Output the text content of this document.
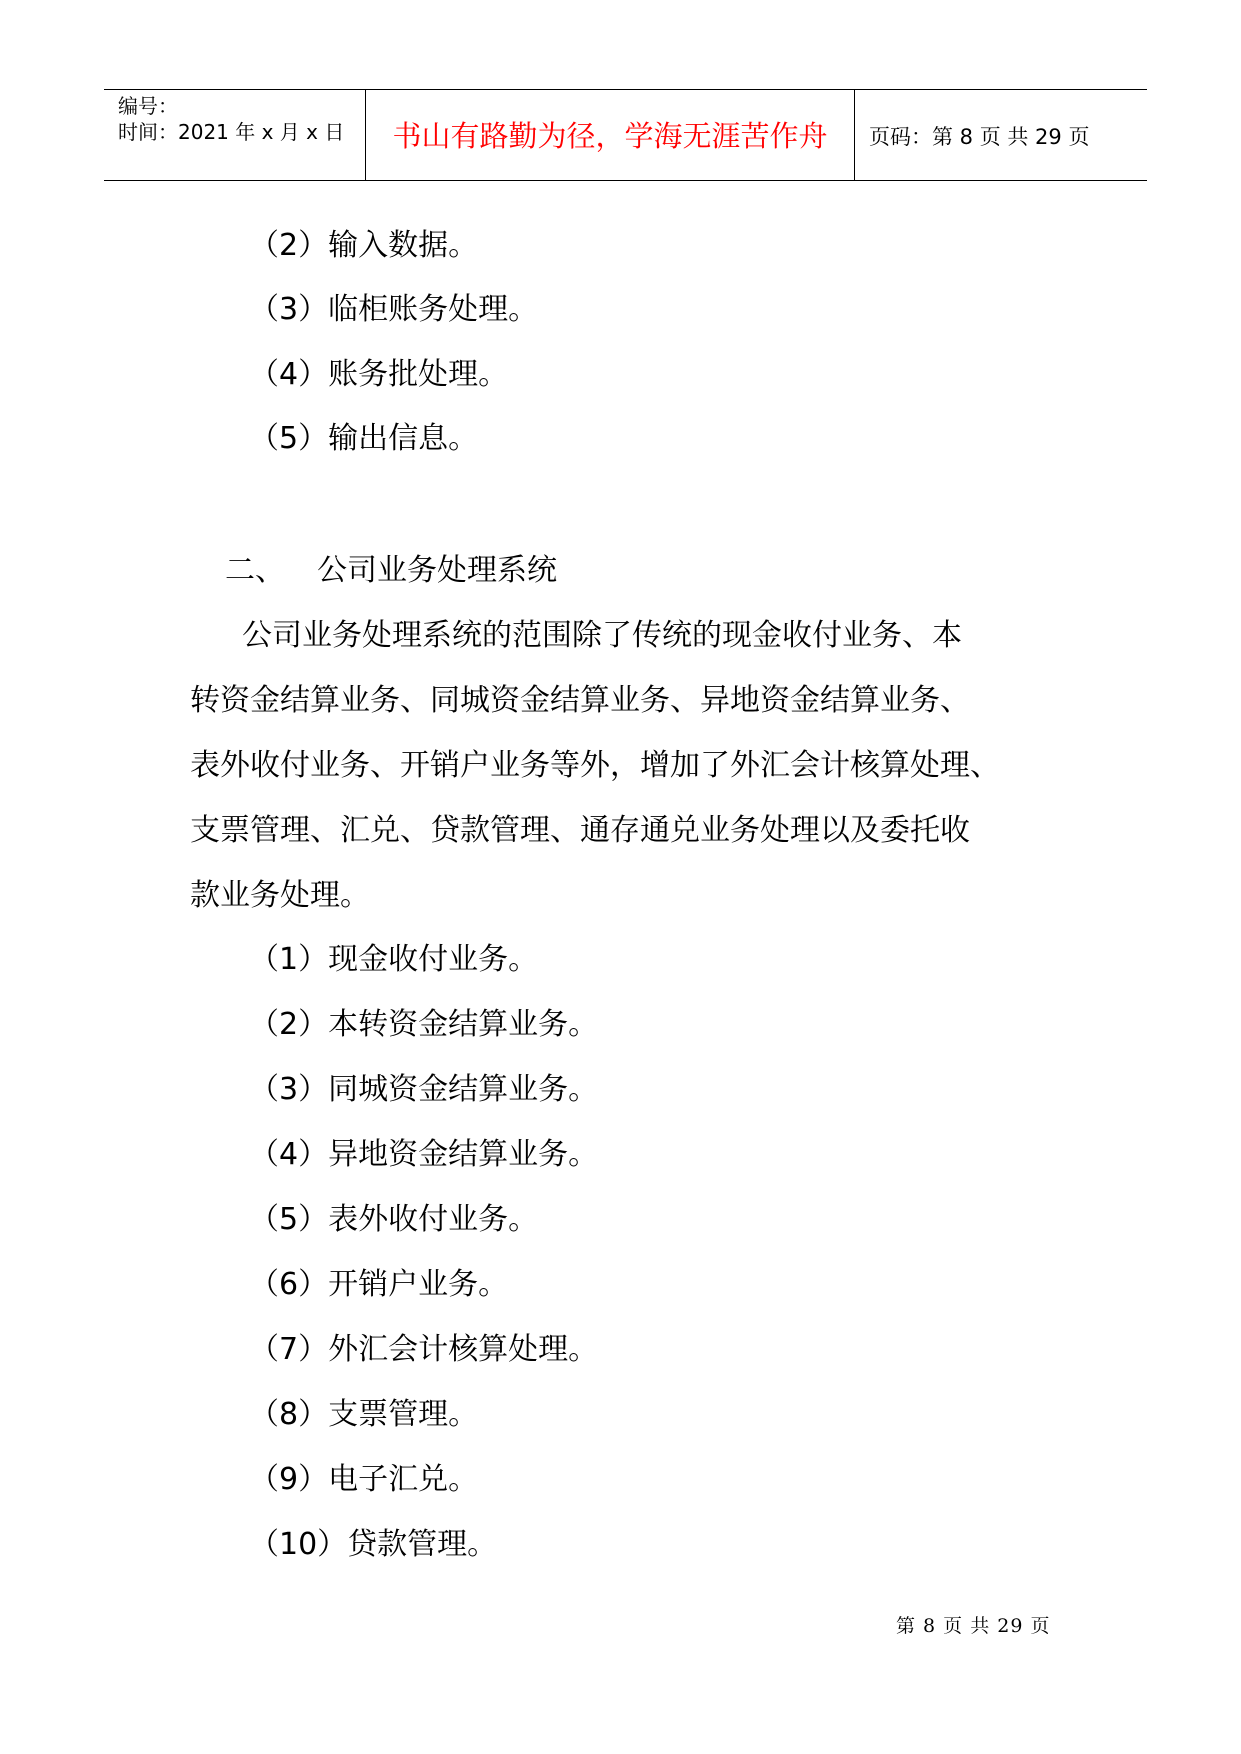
编号：
时间：2021 年 x 月 x 日	书山有路勤为径，学海无涯苦作舟	页码：第 8 页 共 29 页
（2）输入数据。
（3）临柜账务处理。
（4）账务批处理。
（5）输出信息。
二、 公司业务处理系统
公司业务处理系统的范围除了传统的现金收付业务、本
转资金结算业务、同城资金结算业务、异地资金结算业务、
表外收付业务、开销户业务等外，增加了外汇会计核算处理、
支票管理、汇兑、贷款管理、通存通兑业务处理以及委托收
款业务处理。
（1）现金收付业务。
（2）本转资金结算业务。
（3）同城资金结算业务。
（4）异地资金结算业务。
（5）表外收付业务。
（6）开销户业务。
（7）外汇会计核算处理。
（8）支票管理。
（9）电子汇兑。
（10）贷款管理。
第 8 页 共 29 页
